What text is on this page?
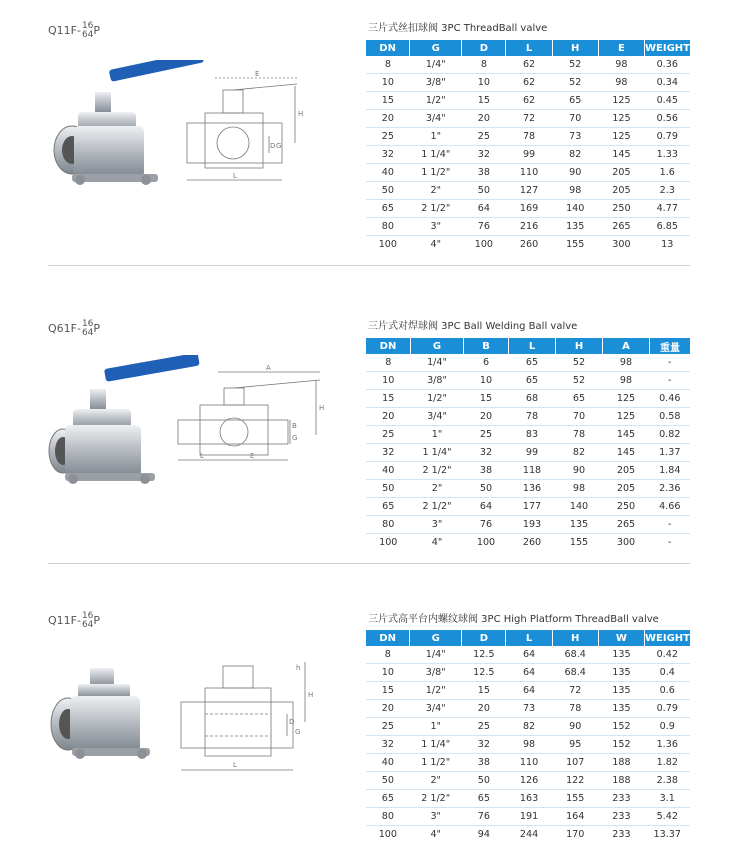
Q11F- 16
64 P
E
H
D G
L
三片式丝扣球阀 3PC ThreadBall valve
DN	G	D	L	H	E	WEIGHT
8	1/4"	8	62	52	98	0.36
10	3/8"	10	62	52	98	0.34
15	1/2"	15	62	65	125	0.45
20	3/4"	20	72	70	125	0.56
25	1"	25	78	73	125	0.79
32	1 1/4"	32	99	82	145	1.33
40	1 1/2"	38	110	90	205	1.6
50	2"	50	127	98	205	2.3
65	2 1/2"	64	169	140	250	4.77
80	3"	76	216	135	265	6.85
100	4"	100	260	155	300	13
Q61F- 16
64 P
A
H
B
G
L	E
三片式对焊球阀 3PC Ball Welding Ball valve
DN	G	B	L	H	A	重量
8	1/4"	6	65	52	98	-
10	3/8"	10	65	52	98	-
15	1/2"	15	68	65	125	0.46
20	3/4"	20	78	70	125	0.58
25	1"	25	83	78	145	0.82
32	1 1/4"	32	99	82	145	1.37
40	2 1/2"	38	118	90	205	1.84
50	2"	50	136	98	205	2.36
65	2 1/2"	64	177	140	250	4.66
80	3"	76	193	135	265	-
100	4"	100	260	155	300	-
Q11F- 16
64 P
h
H
D
G
L
三片式高平台内螺纹球阀 3PC High Platform ThreadBall valve
DN	G	D	L	H	W	WEIGHT
8	1/4"	12.5	64	68.4	135	0.42
10	3/8"	12.5	64	68.4	135	0.4
15	1/2"	15	64	72	135	0.6
20	3/4"	20	73	78	135	0.79
25	1"	25	82	90	152	0.9
32	1 1/4"	32	98	95	152	1.36
40	1 1/2"	38	110	107	188	1.82
50	2"	50	126	122	188	2.38
65	2 1/2"	65	163	155	233	3.1
80	3"	76	191	164	233	5.42
100	4"	94	244	170	233	13.37
